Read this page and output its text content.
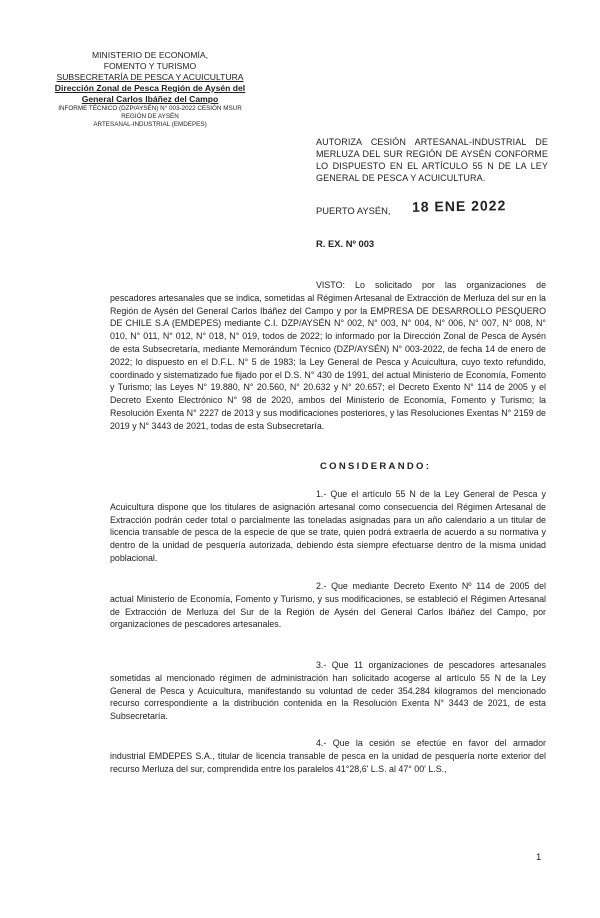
MINISTERIO DE ECONOMÍA,
FOMENTO Y TURISMO
SUBSECRETARÍA DE PESCA Y ACUICULTURA
Dirección Zonal de Pesca Región de Aysén del
General Carlos Ibáñez del Campo
INFORME TÉCNICO (DZP/AYSÉN) N° 003-2022 CESIÓN MSUR
REGIÓN DE AYSÉN
ARTESANAL-INDUSTRIAL (EMDEPES)
AUTORIZA CESIÓN ARTESANAL-INDUSTRIAL DE MERLUZA DEL SUR REGIÓN DE AYSÉN CONFORME LO DISPUESTO EN EL ARTÍCULO 55 N DE LA LEY GENERAL DE PESCA Y ACUICULTURA.
PUERTO AYSÉN, 18 ENE 2022
R. EX. Nº 003

VISTO: Lo solicitado por las organizaciones de pescadores artesanales que se indica, sometidas al Régimen Artesanal de Extracción de Merluza del sur en la Región de Aysén del General Carlos Ibáñez del Campo y por la EMPRESA DE DESARROLLO PESQUERO DE CHILE S.A (EMDEPES) mediante C.I. DZP/AYSÉN N° 002, N° 003, N° 004, N° 006, N° 007, N° 008, N° 010, N° 011, N° 012, N° 018, N° 019, todos de 2022; lo informado por la Dirección Zonal de Pesca de Aysén de esta Subsecretaría, mediante Memorándum Técnico (DZP/AYSÉN) N° 003-2022, de fecha 14 de enero de 2022; lo dispuesto en el D.F.L. N° 5 de 1983; la Ley General de Pesca y Acuicultura, cuyo texto refundido, coordinado y sistematizado fue fijado por el D.S. N° 430 de 1991, del actual Ministerio de Economía, Fomento y Turismo; las Leyes N° 19.880, N° 20.560, N° 20.632 y N° 20.657; el Decreto Exento N° 114 de 2005 y el Decreto Exento Electrónico N° 98 de 2020, ambos del Ministerio de Economía, Fomento y Turismo; la Resolución Exenta N° 2227 de 2013 y sus modificaciones posteriores, y las Resoluciones Exentas N° 2159 de 2019 y N° 3443 de 2021, todas de esta Subsecretaría.

CONSIDERANDO:

1.- Que el artículo 55 N de la Ley General de Pesca y Acuicultura dispone que los titulares de asignación artesanal como consecuencia del Régimen Artesanal de Extracción podrán ceder total o parcialmente las toneladas asignadas para un año calendario a un titular de licencia transable de pesca de la especie de que se trate, quien podrá extraerla de acuerdo a su normativa y dentro de la unidad de pesquería autorizada, debiendo ésta siempre efectuarse dentro de la misma unidad poblacional.

2.- Que mediante Decreto Exento Nº 114 de 2005 del actual Ministerio de Economía, Fomento y Turismo, y sus modificaciones, se estableció el Régimen Artesanal de Extracción de Merluza del Sur de la Región de Aysén del General Carlos Ibáñez del Campo, por organizaciones de pescadores artesanales.

3.- Que 11 organizaciones de pescadores artesanales sometidas al mencionado régimen de administración han solicitado acogerse al artículo 55 N de la Ley General de Pesca y Acuicultura, manifestando su voluntad de ceder 354.284 kilogramos del mencionado recurso correspondiente a la distribución contenida en la Resolución Exenta N° 3443 de 2021, de esta Subsecretaría.

4.- Que la cesión se efectúe en favor del armador industrial EMDEPES S.A., titular de licencia transable de pesca en la unidad de pesquería norte exterior del recurso Merluza del sur, comprendida entre los paralelos 41°28,6' L.S. al 47° 00' L.S.,

1
